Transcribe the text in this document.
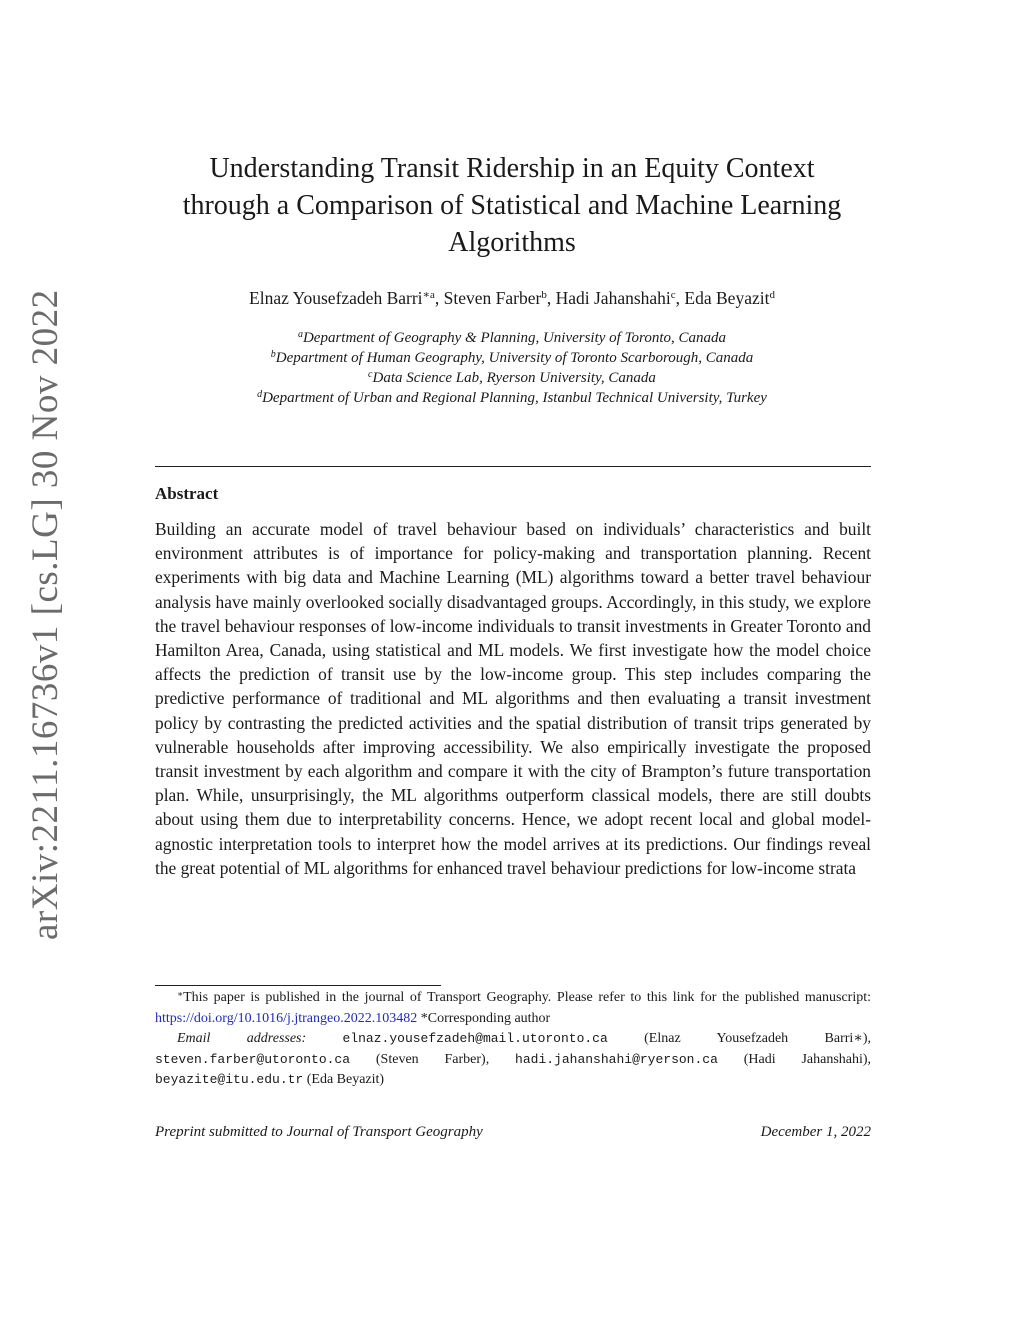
arXiv:2211.16736v1 [cs.LG] 30 Nov 2022
Understanding Transit Ridership in an Equity Context
through a Comparison of Statistical and Machine Learning
Algorithms
Elnaz Yousefzadeh Barri$^{∗a}$, Steven Farber$^b$, Hadi Jahanshahi$^c$, Eda Beyazit$^d$
$^a$Department of Geography & Planning, University of Toronto, Canada
$^b$Department of Human Geography, University of Toronto Scarborough, Canada
$^c$Data Science Lab, Ryerson University, Canada
$^d$Department of Urban and Regional Planning, Istanbul Technical University, Turkey
Abstract
Building an accurate model of travel behaviour based on individuals’ characteristics and built environment attributes is of importance for policy-making and transportation planning. Recent experiments with big data and Machine Learning (ML) algorithms toward a better travel behaviour analysis have mainly overlooked socially disadvantaged groups. Accordingly, in this study, we explore the travel behaviour responses of low-income individuals to transit investments in Greater Toronto and Hamilton Area, Canada, using statistical and ML models. We first investigate how the model choice affects the prediction of transit use by the low-income group. This step includes comparing the predictive performance of traditional and ML algorithms and then evaluating a transit investment policy by contrasting the predicted activities and the spatial distribution of transit trips generated by vulnerable households after improving accessibility. We also empirically investigate the proposed transit investment by each algorithm and compare it with the city of Brampton’s future transportation plan. While, unsurprisingly, the ML algorithms outperform classical models, there are still doubts about using them due to interpretability concerns. Hence, we adopt recent local and global model-agnostic interpretation tools to interpret how the model arrives at its predictions. Our findings reveal the great potential of ML algorithms for enhanced travel behaviour predictions for low-income strata

∗This paper is published in the journal of Transport Geography. Please refer to this link for the published manuscript: https://doi.org/10.1016/j.jtrangeo.2022.103482 *Corresponding author

Email addresses:	elnaz.yousefzadeh@mail.utoronto.ca	(Elnaz Yousefzadeh Barri∗), steven.farber@utoronto.ca (Steven Farber), hadi.jahanshahi@ryerson.ca (Hadi Jahanshahi), beyazite@itu.edu.tr (Eda Beyazit)

Preprint submitted to Journal of Transport Geography	December 1, 2022
